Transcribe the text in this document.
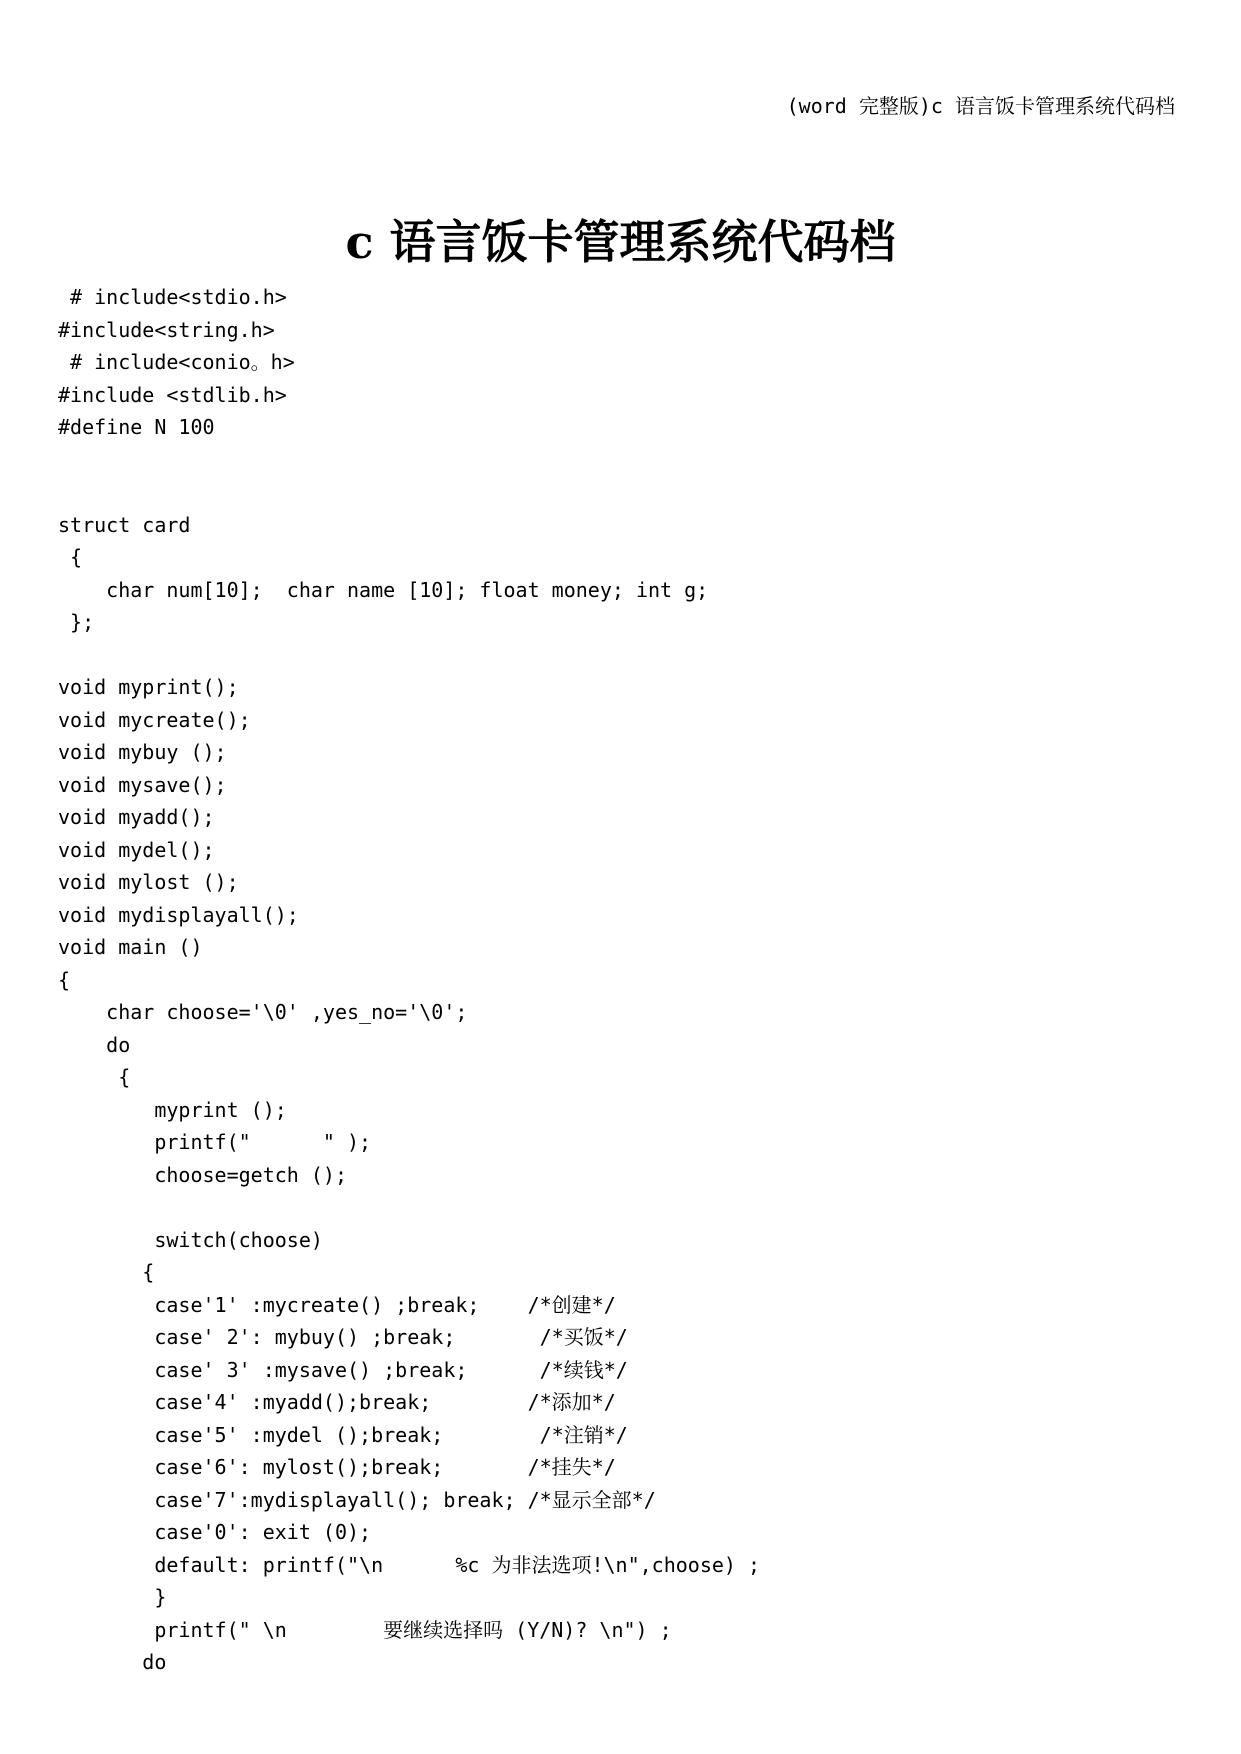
(word 完整版)c 语言饭卡管理系统代码档
c 语言饭卡管理系统代码档
# include<stdio.h>
#include<string.h>
# include<conio。h>
#include <stdlib.h>
#define N 100
struct card
{
char num[10];  char name [10]; float money; int g;
};
void myprint();
void mycreate();
void mybuy ();
void mysave();
void myadd();
void mydel();
void mylost ();
void mydisplayall();
void main ()
{
char choose='\0' ,yes_no='\0';
do
{
myprint ();
printf("      " );
choose=getch ();
switch(choose)
{
case'1' :mycreate() ;break;    /*创建*/
case' 2': mybuy() ;break;       /*买饭*/
case' 3' :mysave() ;break;      /*续钱*/
case'4' :myadd();break;        /*添加*/
case'5' :mydel ();break;        /*注销*/
case'6': mylost();break;       /*挂失*/
case'7':mydisplayall(); break; /*显示全部*/
case'0': exit (0);
default: printf("\n      %c 为非法选项!\n",choose) ;
}
printf(" \n        要继续选择吗 (Y/N)? \n") ;
do
